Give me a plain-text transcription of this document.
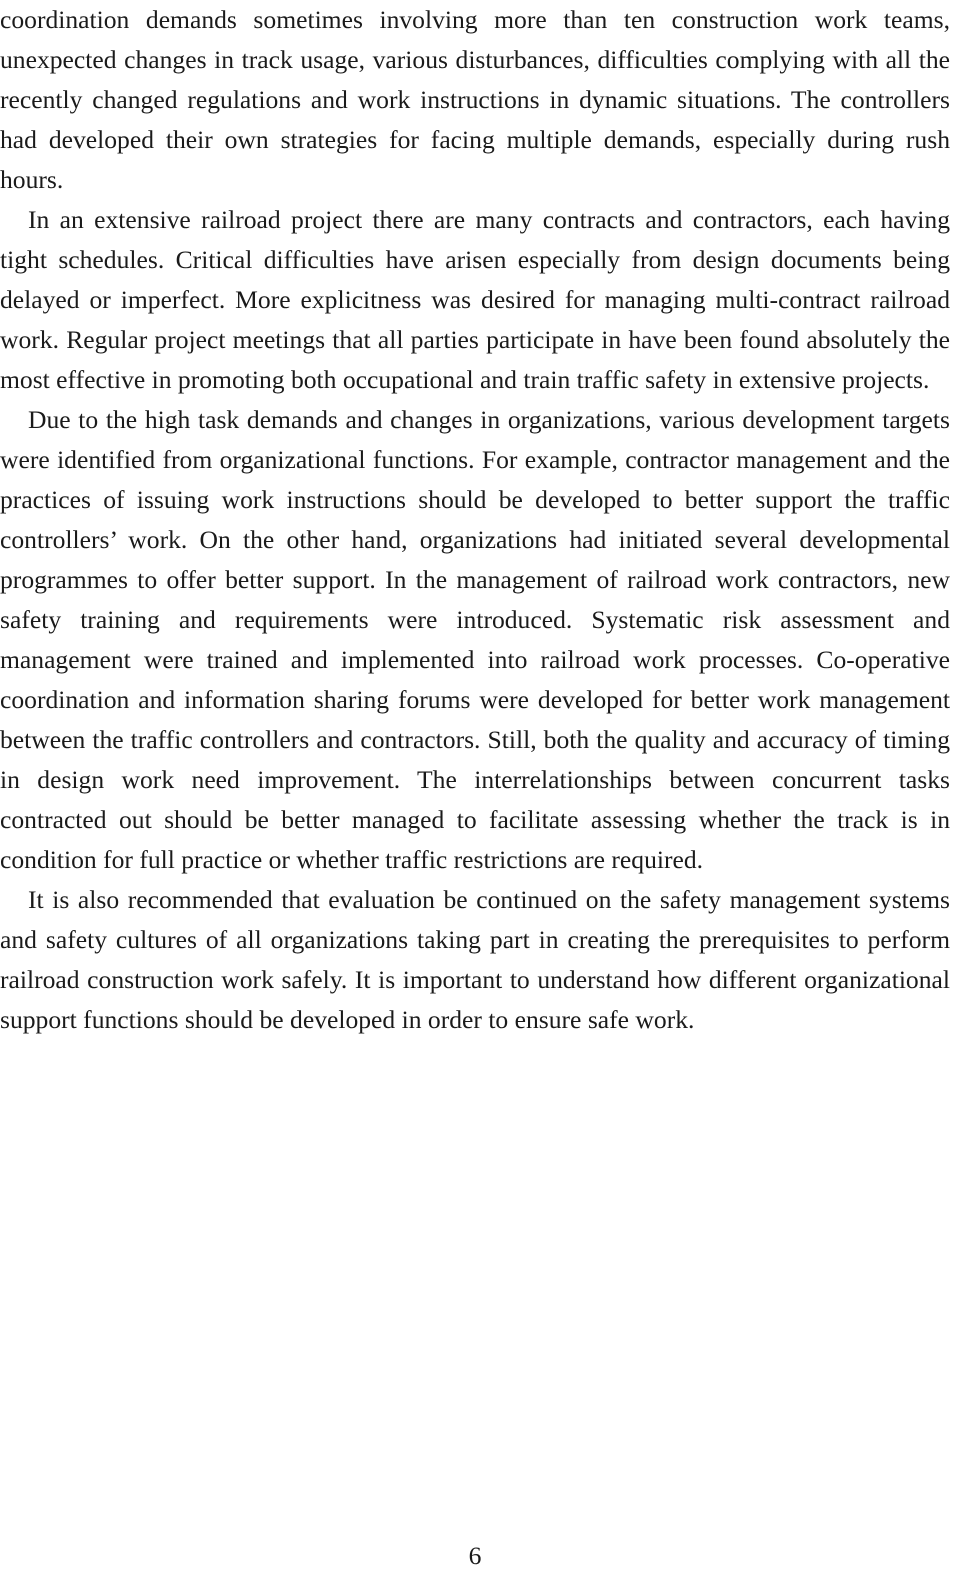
coordination demands sometimes involving more than ten construction work teams, unexpected changes in track usage, various disturbances, difficulties complying with all the recently changed regulations and work instructions in dynamic situations. The controllers had developed their own strategies for facing multiple demands, especially during rush hours.

In an extensive railroad project there are many contracts and contractors, each having tight schedules. Critical difficulties have arisen especially from design documents being delayed or imperfect. More explicitness was desired for managing multi-contract railroad work. Regular project meetings that all parties participate in have been found absolutely the most effective in promoting both occupational and train traffic safety in extensive projects.

Due to the high task demands and changes in organizations, various development targets were identified from organizational functions. For example, contractor management and the practices of issuing work instructions should be developed to better support the traffic controllers’ work. On the other hand, organizations had initiated several developmental programmes to offer better support. In the management of railroad work contractors, new safety training and requirements were introduced. Systematic risk assessment and management were trained and implemented into railroad work processes. Co-operative coordination and information sharing forums were developed for better work management between the traffic controllers and contractors. Still, both the quality and accuracy of timing in design work need improvement. The interrelationships between concurrent tasks contracted out should be better managed to facilitate assessing whether the track is in condition for full practice or whether traffic restrictions are required.

It is also recommended that evaluation be continued on the safety management systems and safety cultures of all organizations taking part in creating the prerequisites to perform railroad construction work safely. It is important to understand how different organizational support functions should be developed in order to ensure safe work.

6
